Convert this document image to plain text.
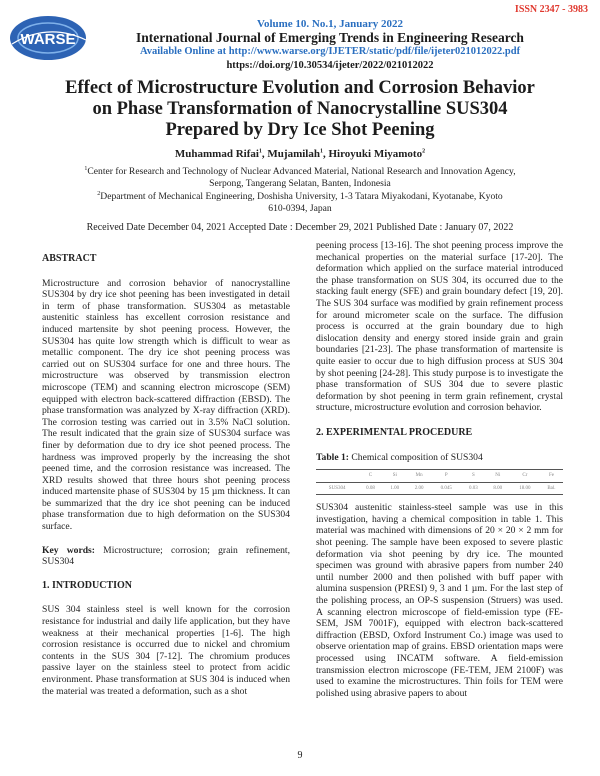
ISSN 2347 - 3983
WARSE
Volume 10. No.1, January 2022
International Journal of Emerging Trends in Engineering Research
Available Online at http://www.warse.org/IJETER/static/pdf/file/ijeter021012022.pdf
https://doi.org/10.30534/ijeter/2022/021012022
Effect of Microstructure Evolution and Corrosion Behavior
on Phase Transformation of Nanocrystalline SUS304
Prepared by Dry Ice Shot Peening
Muhammad Rifai$^1$, Mujamilah$^1$, Hiroyuki Miyamoto$^2$
$^1$Center for Research and Technology of Nuclear Advanced Material, National Research and Innovation Agency,
Serpong, Tangerang Selatan, Banten, Indonesia
$^2$Department of Mechanical Engineering, Doshisha University, 1-3 Tatara Miyakodani, Kyotanabe, Kyoto
610-0394, Japan
Received Date December 04, 2021 Accepted Date : December 29, 2021 Published Date : January 07, 2022

ABSTRACT

Microstructure and corrosion behavior of nanocrystalline SUS304 by dry ice shot peening has been investigated in detail in term of phase transformation. SUS304 as metastable austenitic stainless has excellent corrosion resistance and induced martensite by shot peening process. However, the SUS304 has quite low strength which is difficult to wear as metallic component. The dry ice shot peening process was carried out on SUS304 surface for one and three hours. The microstructure was observed by transmission electron microscope (TEM) and scanning electron microscope (SEM) equipped with electron back-scattered diffraction (EBSD). The phase transformation was analyzed by X-ray diffraction (XRD). The corrosion testing was carried out in 3.5% NaCl solution. The result indicated that the grain size of SUS304 surface was finer by deformation due to dry ice shot peened process. The hardness was improved properly by the increasing the shot peened time, and the corrosion resistance was increased. The XRD results showed that three hours shot peening process induced martensite phase of SUS304 by 15 µm thickness. It can be summarized that the dry ice shot peening can be induced phase transformation due to high deformation on the SUS304 surface.

Key words: Microstructure; corrosion; grain refinement, SUS304

1. INTRODUCTION

SUS 304 stainless steel is well known for the corrosion resistance for industrial and daily life application, but they have weakness at their mechanical properties [1-6]. The high corrosion resistance is occurred due to nickel and chromium contents in the SUS 304 [7-12]. The chromium produces passive layer on the stainless steel to protect from acidic environment. Phase transformation at SUS 304 is induced when the material was treated a deformation, such as a shot

peening process [13-16]. The shot peening process improve the mechanical properties on the material surface [17-20]. The deformation which applied on the surface material introduced the phase transformation on SUS 304, its occurred due to the stacking fault energy (SFE) and grain boundary defect [19, 20]. The SUS 304 surface was modified by grain refinement process for around micrometer scale on the surface. The diffusion process is occurred at the grain boundary due to high dislocation density and energy stored inside grain and grain boundaries [21-23]. The phase transformation of martensite is quite easier to occur due to high diffusion process at SUS 304 by shot peening [24-28]. This study purpose is to investigate the phase transformation of SUS 304 due to severe plastic deformation by shot peening in term grain refinement, crystal structure, microstructure evolution and corrosion behavior.

2. EXPERIMENTAL PROCEDURE

Table 1: Chemical composition of SUS304

	C	Si	Mn	P	S	Ni	Cr	Fe
SUS304	0.08	1.00	2.00	0.045	0.03	8.00	18.00	Bal.

SUS304 austenitic stainless-steel sample was use in this investigation, having a chemical composition in table 1. This material was machined with dimensions of 20 × 20 × 2 mm for shot peening. The sample have been exposed to severe plastic deformation via shot peening by dry ice. The mounted specimen was ground with abrasive papers from number 240 until number 2000 and then polished with buff paper with alumina suspension (PRESI) 9, 3 and 1 µm. For the last step of the polishing process, an OP-S suspension (Struers) was used. A scanning electron microscope of field-emission type (FE-SEM, JSM 7001F), equipped with electron back-scattered diffraction (EBSD, Oxford Instrument Co.) image was used to observe orientation map of grains. EBSD orientation maps were processed using INCATM software. A field-emission transmission electron microscope (FE-TEM, JEM 2100F) was used to examine the microstructures. Thin foils for TEM were polished using abrasive papers to about

9
